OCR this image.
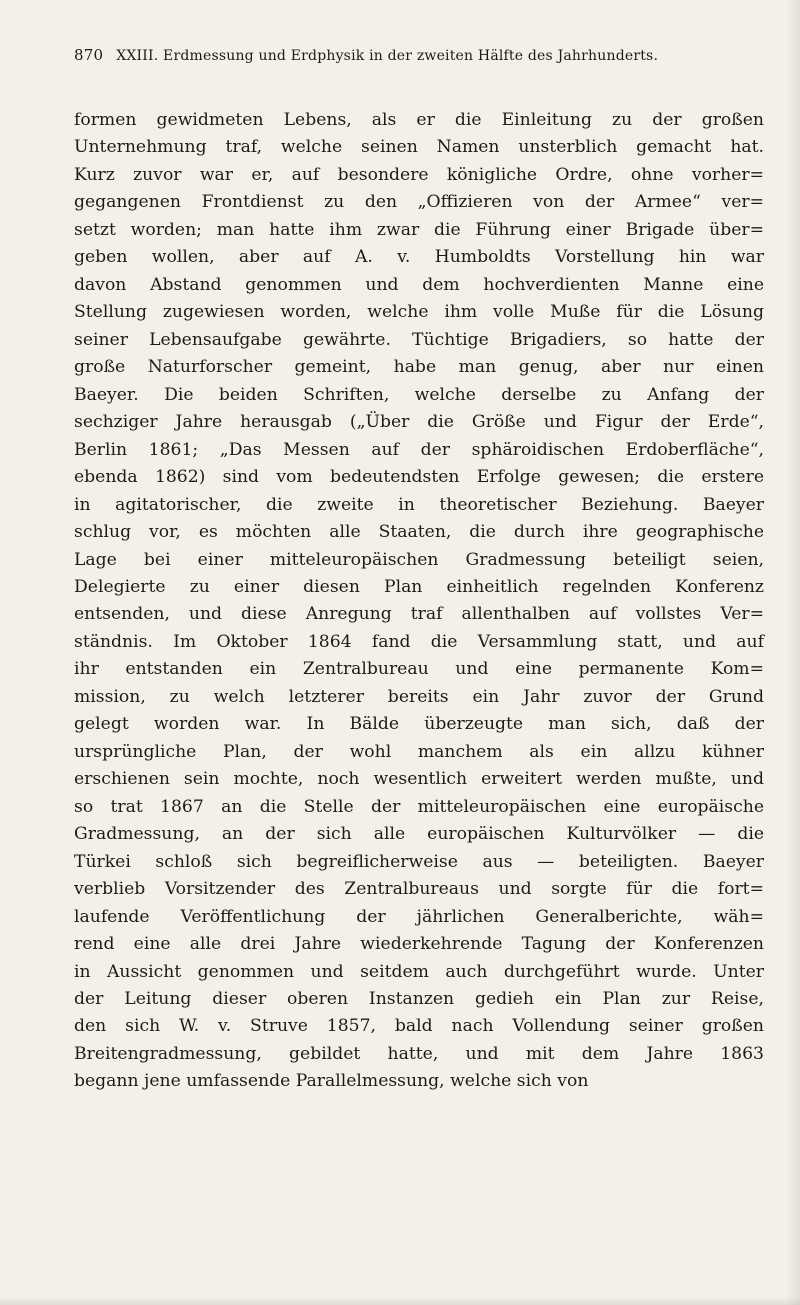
870 XXIII. Erdmessung und Erdphysik in der zweiten Hälfte des Jahrhunderts.
formen gewidmeten Lebens, als er die Einleitung zu der großen
Unternehmung traf, welche seinen Namen unsterblich gemacht hat.
Kurz zuvor war er, auf besondere königliche Ordre, ohne vorher=
gegangenen Frontdienst zu den „Offizieren von der Armee“ ver=
setzt worden; man hatte ihm zwar die Führung einer Brigade über=
geben wollen, aber auf A. v. Humboldts Vorstellung hin war
davon Abstand genommen und dem hochverdienten Manne eine
Stellung zugewiesen worden, welche ihm volle Muße für die Lösung
seiner Lebensaufgabe gewährte. Tüchtige Brigadiers, so hatte der
große Naturforscher gemeint, habe man genug, aber nur einen
Baeyer. Die beiden Schriften, welche derselbe zu Anfang der
sechziger Jahre herausgab („Über die Größe und Figur der Erde“,
Berlin 1861; „Das Messen auf der sphäroidischen Erdoberfläche“,
ebenda 1862) sind vom bedeutendsten Erfolge gewesen; die erstere
in agitatorischer, die zweite in theoretischer Beziehung. Baeyer
schlug vor, es möchten alle Staaten, die durch ihre geographische
Lage bei einer mitteleuropäischen Gradmessung beteiligt seien,
Delegierte zu einer diesen Plan einheitlich regelnden Konferenz
entsenden, und diese Anregung traf allenthalben auf vollstes Ver=
ständnis. Im Oktober 1864 fand die Versammlung statt, und auf
ihr entstanden ein Zentralbureau und eine permanente Kom=
mission, zu welch letzterer bereits ein Jahr zuvor der Grund
gelegt worden war. In Bälde überzeugte man sich, daß der
ursprüngliche Plan, der wohl manchem als ein allzu kühner
erschienen sein mochte, noch wesentlich erweitert werden mußte, und
so trat 1867 an die Stelle der mitteleuropäischen eine europäische
Gradmessung, an der sich alle europäischen Kulturvölker — die
Türkei schloß sich begreiflicherweise aus — beteiligten. Baeyer
verblieb Vorsitzender des Zentralbureaus und sorgte für die fort=
laufende Veröffentlichung der jährlichen Generalberichte, wäh=
rend eine alle drei Jahre wiederkehrende Tagung der Konferenzen
in Aussicht genommen und seitdem auch durchgeführt wurde. Unter
der Leitung dieser oberen Instanzen gedieh ein Plan zur Reise,
den sich W. v. Struve 1857, bald nach Vollendung seiner großen
Breitengradmessung, gebildet hatte, und mit dem Jahre 1863
begann jene umfassende Parallelmessung, welche sich von
